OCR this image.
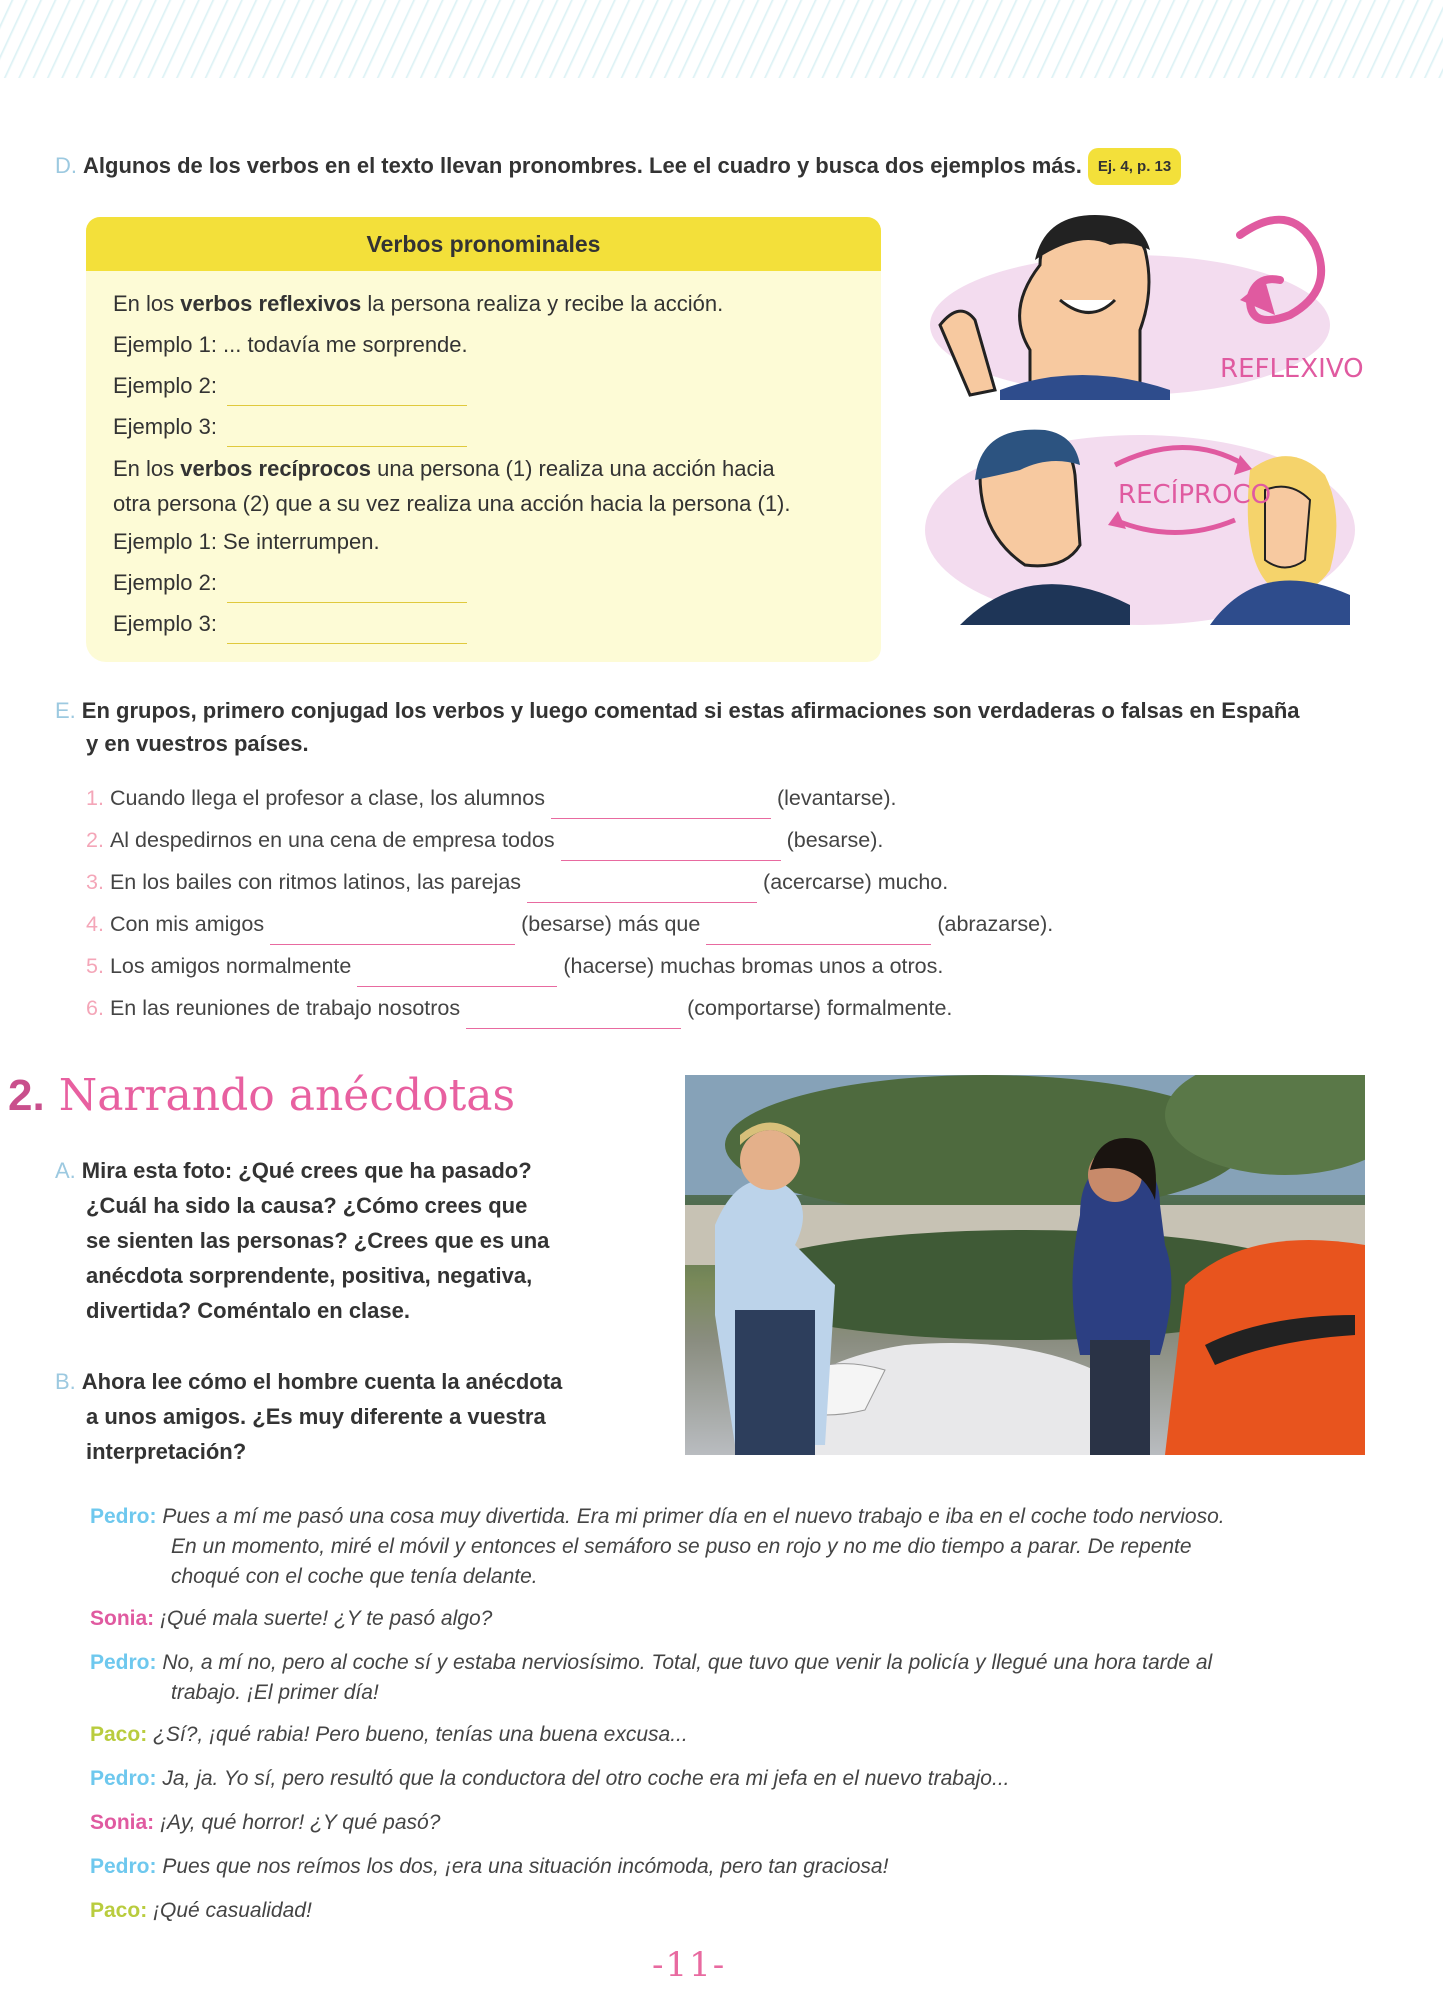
D. Algunos de los verbos en el texto llevan pronombres. Lee el cuadro y busca dos ejemplos más. Ej. 4, p. 13
Verbos pronominales
En los verbos reflexivos la persona realiza y recibe la acción.
Ejemplo 1: ... todavía me sorprende.
Ejemplo 2:
Ejemplo 3:
En los verbos recíprocos una persona (1) realiza una acción hacia
otra persona (2) que a su vez realiza una acción hacia la persona (1).
Ejemplo 1: Se interrumpen.
Ejemplo 2:
Ejemplo 3:
REFLEXIVO
RECÍPROCO
E. En grupos, primero conjugad los verbos y luego comentad si estas afirmaciones son verdaderas o falsas en España
y en vuestros países.
1. Cuando llega el profesor a clase, los alumnos	(levantarse).
2. Al despedirnos en una cena de empresa todos	(besarse).
3. En los bailes con ritmos latinos, las parejas	(acercarse) mucho.
4. Con mis amigos	(besarse) más que	(abrazarse).
5. Los amigos normalmente	(hacerse) muchas bromas unos a otros.
6. En las reuniones de trabajo nosotros	(comportarse) formalmente.
2. Narrando anécdotas
A. Mira esta foto: ¿Qué crees que ha pasado?
¿Cuál ha sido la causa? ¿Cómo crees que
se sienten las personas? ¿Crees que es una
anécdota sorprendente, positiva, negativa,
divertida? Coméntalo en clase.
B. Ahora lee cómo el hombre cuenta la anécdota
a unos amigos. ¿Es muy diferente a vuestra
interpretación?
Pedro: Pues a mí me pasó una cosa muy divertida. Era mi primer día en el nuevo trabajo e iba en el coche todo nervioso.
En un momento, miré el móvil y entonces el semáforo se puso en rojo y no me dio tiempo a parar. De repente
choqué con el coche que tenía delante.
Sonia: ¡Qué mala suerte! ¿Y te pasó algo?
Pedro: No, a mí no, pero al coche sí y estaba nerviosísimo. Total, que tuvo que venir la policía y llegué una hora tarde al
trabajo. ¡El primer día!
Paco: ¿Sí?, ¡qué rabia! Pero bueno, tenías una buena excusa...
Pedro: Ja, ja. Yo sí, pero resultó que la conductora del otro coche era mi jefa en el nuevo trabajo...
Sonia: ¡Ay, qué horror! ¿Y qué pasó?
Pedro: Pues que nos reímos los dos, ¡era una situación incómoda, pero tan graciosa!
Paco: ¡Qué casualidad!
-11-
